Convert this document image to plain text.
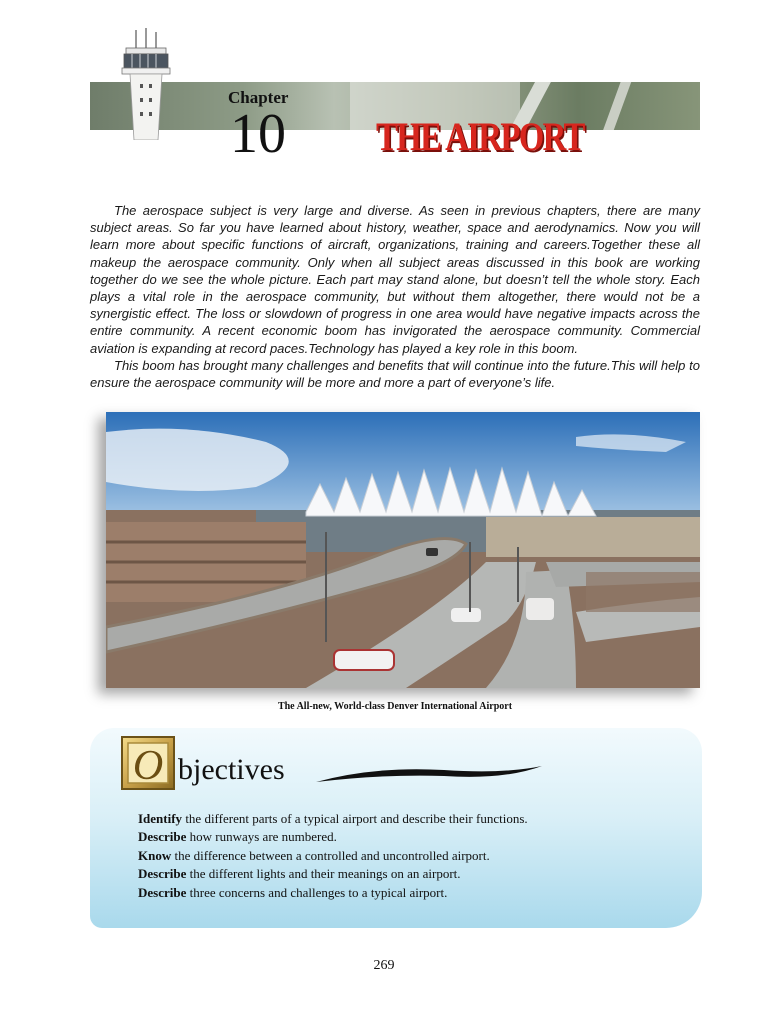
Chapter
10 THE AIRPORT

The aerospace subject is very large and diverse. As seen in previous chapters, there are many subject areas. So far you have learned about history, weather, space and aerodynamics. Now you will learn more about specific functions of aircraft, organizations, training and careers.Together these all makeup the aerospace community. Only when all subject areas discussed in this book are working together do we see the whole picture. Each part may stand alone, but doesn’t tell the whole story. Each plays a vital role in the aerospace community, but without them altogether, there would not be a synergistic effect. The loss or slowdown of progress in one area would have negative impacts across the entire community. A recent economic boom has invigorated the aerospace community. Commercial aviation is expanding at record paces.Technology has played a key role in this boom.

This boom has brought many challenges and benefits that will continue into the future.This will help to ensure the aerospace community will be more and more a part of everyone’s life.

The All-new, World-class Denver International Airport
O bjectives
Identify the different parts of a typical airport and describe their functions.
Describe how runways are numbered.
Know the difference between a controlled and uncontrolled airport.
Describe the different lights and their meanings on an airport.
Describe three concerns and challenges to a typical airport.
269
